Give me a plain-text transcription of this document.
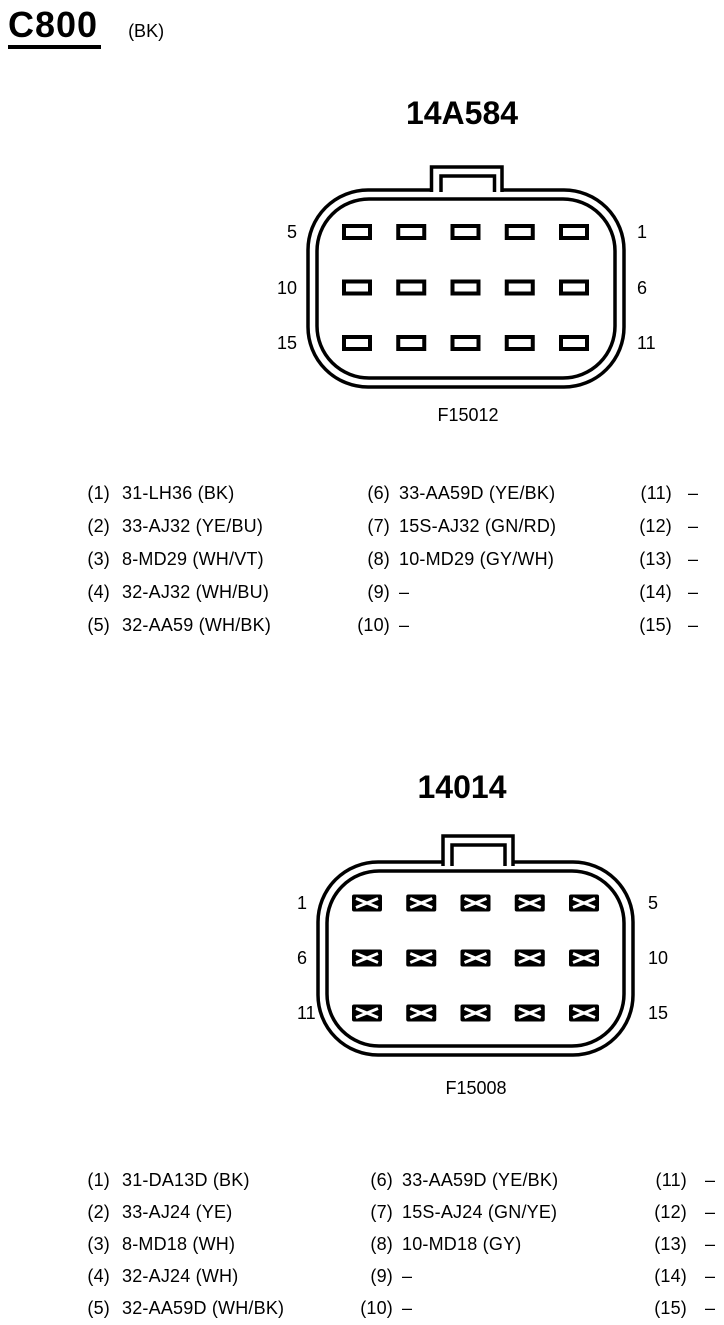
C800 (BK)
14A584
5
10
15
1
6
11
F15012
(1) 31-LH36 (BK)	(6) 33-AA59D (YE/BK)	(11) –
(2) 33-AJ32 (YE/BU)	(7) 15S-AJ32 (GN/RD)	(12) –
(3) 8-MD29 (WH/VT)	(8) 10-MD29 (GY/WH)	(13) –
(4) 32-AJ32 (WH/BU)	(9) –	(14) –
(5) 32-AA59 (WH/BK)	(10) –	(15) –
14014
1
6
11
5
10
15
F15008
(1) 31-DA13D (BK)	(6) 33-AA59D (YE/BK)	(11)	–
(2) 33-AJ24 (YE)	(7) 15S-AJ24 (GN/YE)	(12)	–
(3) 8-MD18 (WH)	(8) 10-MD18 (GY)	(13)	–
(4) 32-AJ24 (WH)	(9) –	(14)	–
(5) 32-AA59D (WH/BK)	(10) –	(15)	–
